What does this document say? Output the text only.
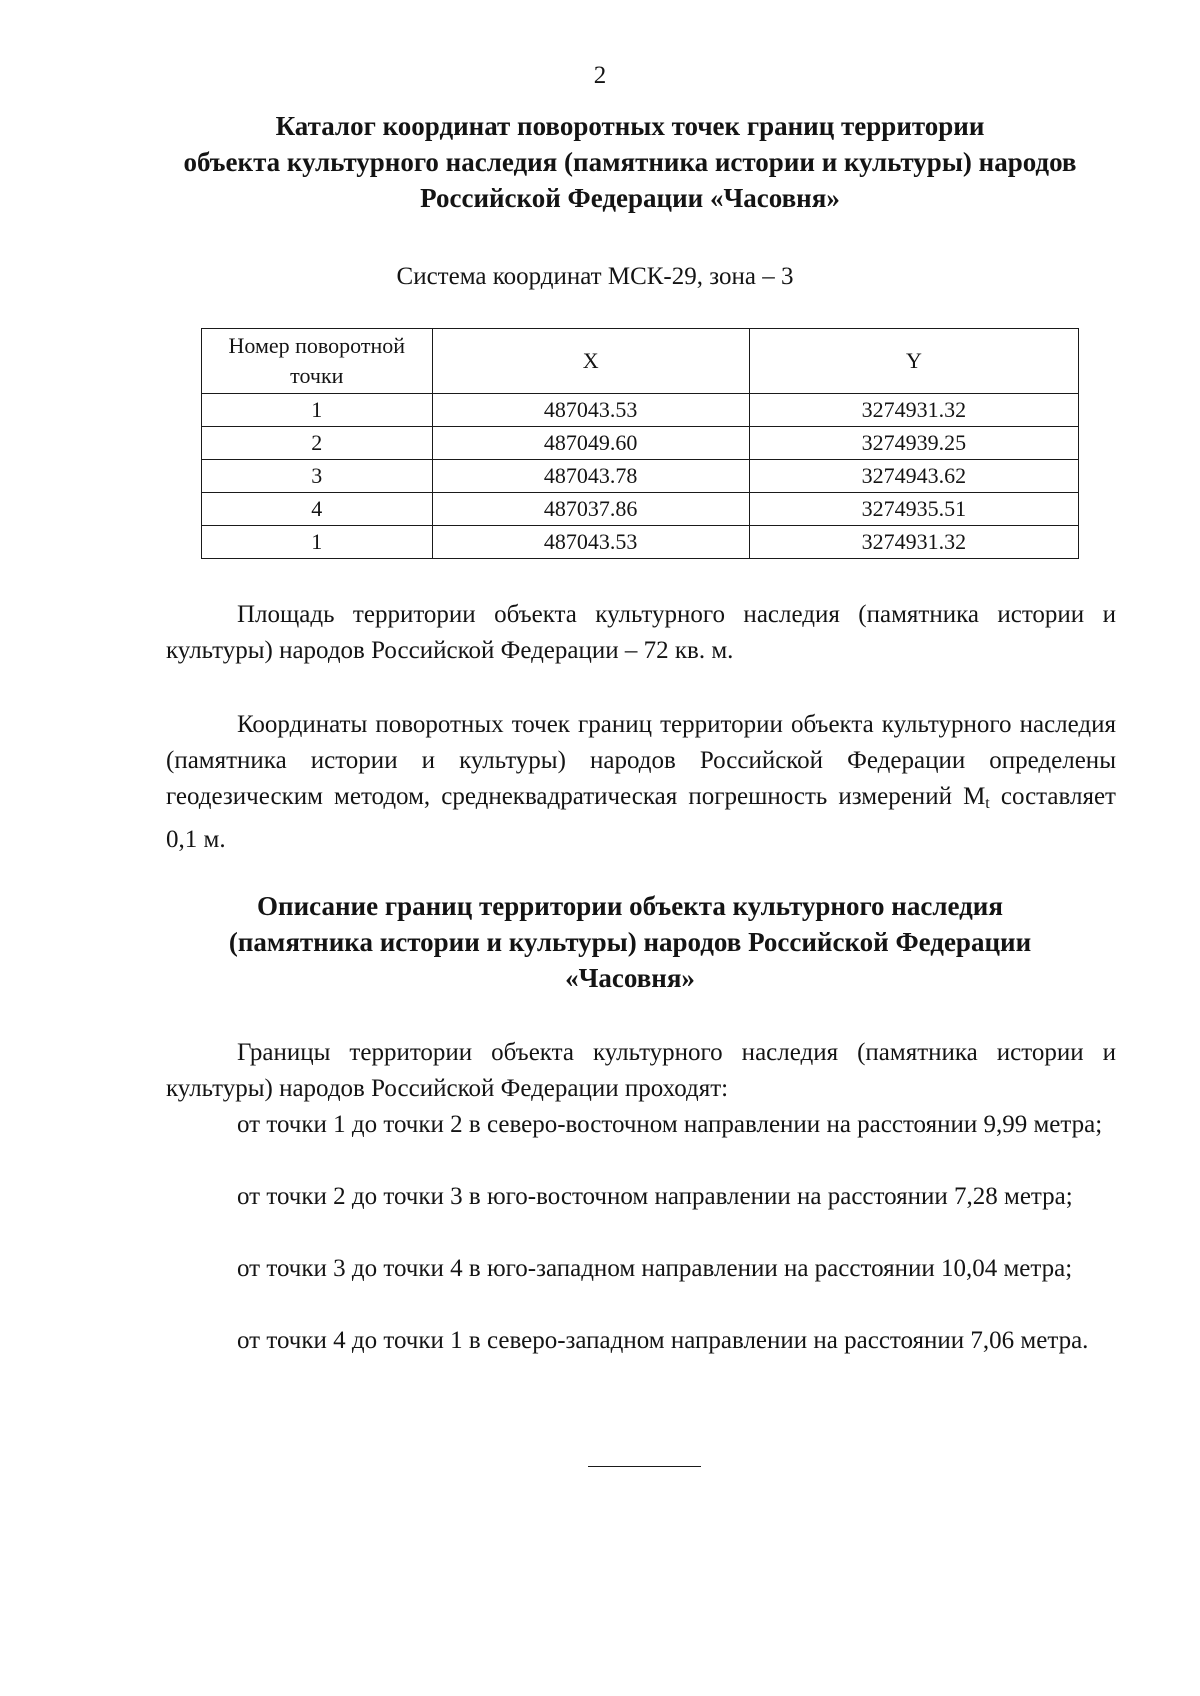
2
Каталог координат поворотных точек границ территории
объекта культурного наследия (памятника истории и культуры) народов
Российской Федерации «Часовня»
Система координат МСК-29, зона – 3
Номер поворотной
точки	X	Y
1	487043.53	3274931.32
2	487049.60	3274939.25
3	487043.78	3274943.62
4	487037.86	3274935.51
1	487043.53	3274931.32

Площадь территории объекта культурного наследия (памятника истории и культуры) народов Российской Федерации – 72 кв. м.

Координаты поворотных точек границ территории объекта культурного наследия (памятника истории и культуры) народов Российской Федерации определены геодезическим методом, среднеквадратическая погрешность измерений Mt составляет 0,1 м.

Описание границ территории объекта культурного наследия
(памятника истории и культуры) народов Российской Федерации
«Часовня»

Границы территории объекта культурного наследия (памятника истории и культуры) народов Российской Федерации проходят:

от точки 1 до точки 2 в северо-восточном направлении на расстоянии 9,99 метра;

от точки 2 до точки 3 в юго-восточном направлении на расстоянии 7,28 метра;

от точки 3 до точки 4 в юго-западном направлении на расстоянии 10,04 метра;

от точки 4 до точки 1 в северо-западном направлении на расстоянии 7,06 метра.
